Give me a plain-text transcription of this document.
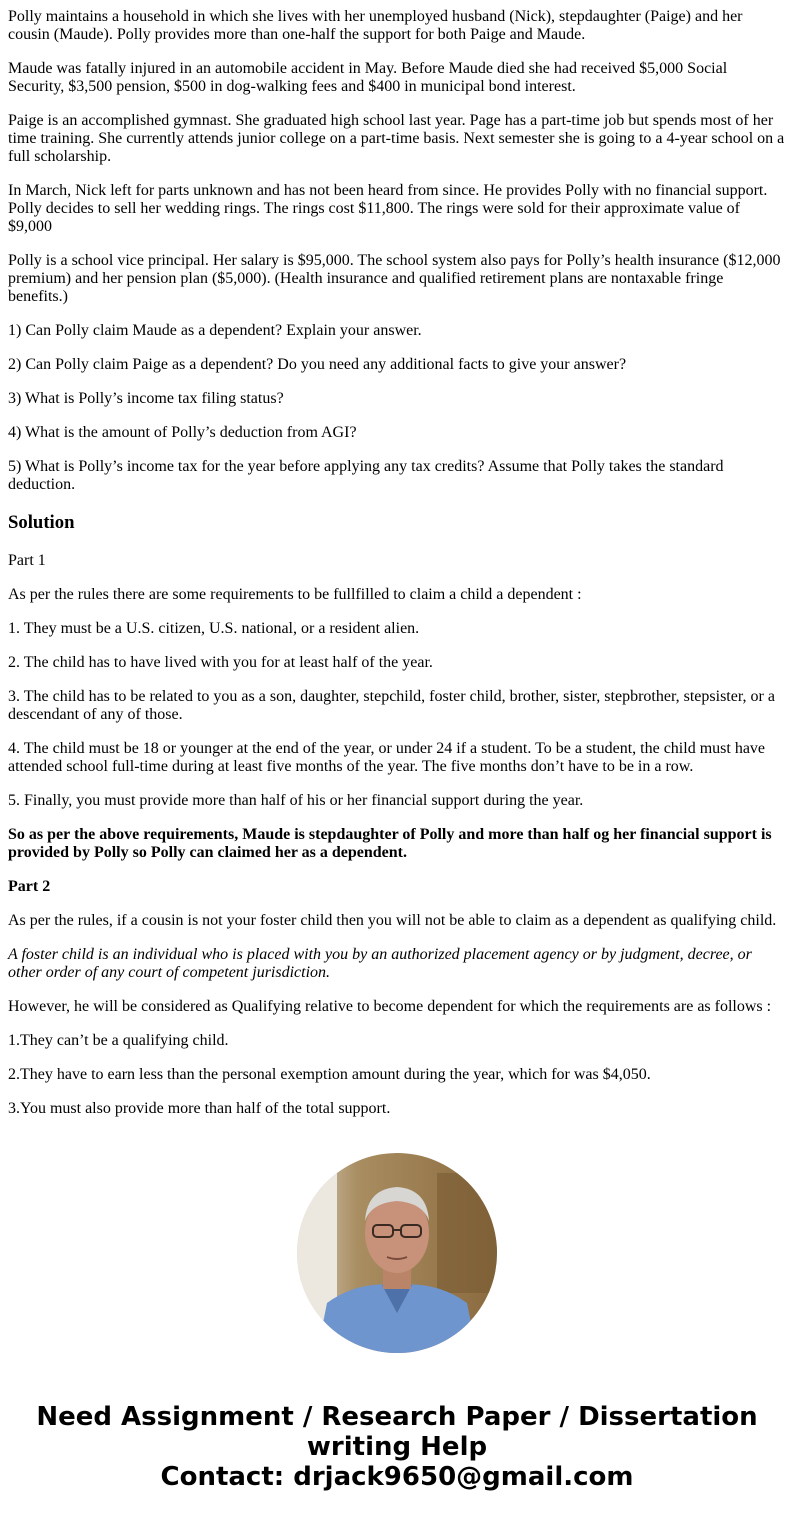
Polly maintains a household in which she lives with her unemployed husband (Nick), stepdaughter (Paige) and her cousin (Maude). Polly provides more than one-half the support for both Paige and Maude.

Maude was fatally injured in an automobile accident in May. Before Maude died she had received $5,000 Social Security, $3,500 pension, $500 in dog-walking fees and $400 in municipal bond interest.

Paige is an accomplished gymnast. She graduated high school last year. Page has a part-time job but spends most of her time training. She currently attends junior college on a part-time basis. Next semester she is going to a 4-year school on a full scholarship.

In March, Nick left for parts unknown and has not been heard from since. He provides Polly with no financial support. Polly decides to sell her wedding rings. The rings cost $11,800. The rings were sold for their approximate value of $9,000

Polly is a school vice principal. Her salary is $95,000. The school system also pays for Polly’s health insurance ($12,000 premium) and her pension plan ($5,000). (Health insurance and qualified retirement plans are nontaxable fringe benefits.)

1) Can Polly claim Maude as a dependent? Explain your answer.

2) Can Polly claim Paige as a dependent? Do you need any additional facts to give your answer?

3) What is Polly’s income tax filing status?

4) What is the amount of Polly’s deduction from AGI?

5) What is Polly’s income tax for the year before applying any tax credits? Assume that Polly takes the standard deduction.

Solution

Part 1

As per the rules there are some requirements to be fullfilled to claim a child a dependent :

1. They must be a U.S. citizen, U.S. national, or a resident alien.

2. The child has to have lived with you for at least half of the year.

3. The child has to be related to you as a son, daughter, stepchild, foster child, brother, sister, stepbrother, stepsister, or a descendant of any of those.

4. The child must be 18 or younger at the end of the year, or under 24 if a student. To be a student, the child must have attended school full-time during at least five months of the year. The five months don’t have to be in a row.

5. Finally, you must provide more than half of his or her financial support during the year.

So as per the above requirements, Maude is stepdaughter of Polly and more than half og her financial support is provided by Polly so Polly can claimed her as a dependent.

Part 2

As per the rules, if a cousin is not your foster child then you will not be able to claim as a dependent as qualifying child.

A foster child is an individual who is placed with you by an authorized placement agency or by judgment, decree, or other order of any court of competent jurisdiction.

However, he will be considered as Qualifying relative to become dependent for which the requirements are as follows :

1.They can’t be a qualifying child.

2.They have to earn less than the personal exemption amount during the year, which for was $4,050.

3.You must also provide more than half of the total support.

Need Assignment / Research Paper / Dissertation
writing Help
Contact: drjack9650@gmail.com
